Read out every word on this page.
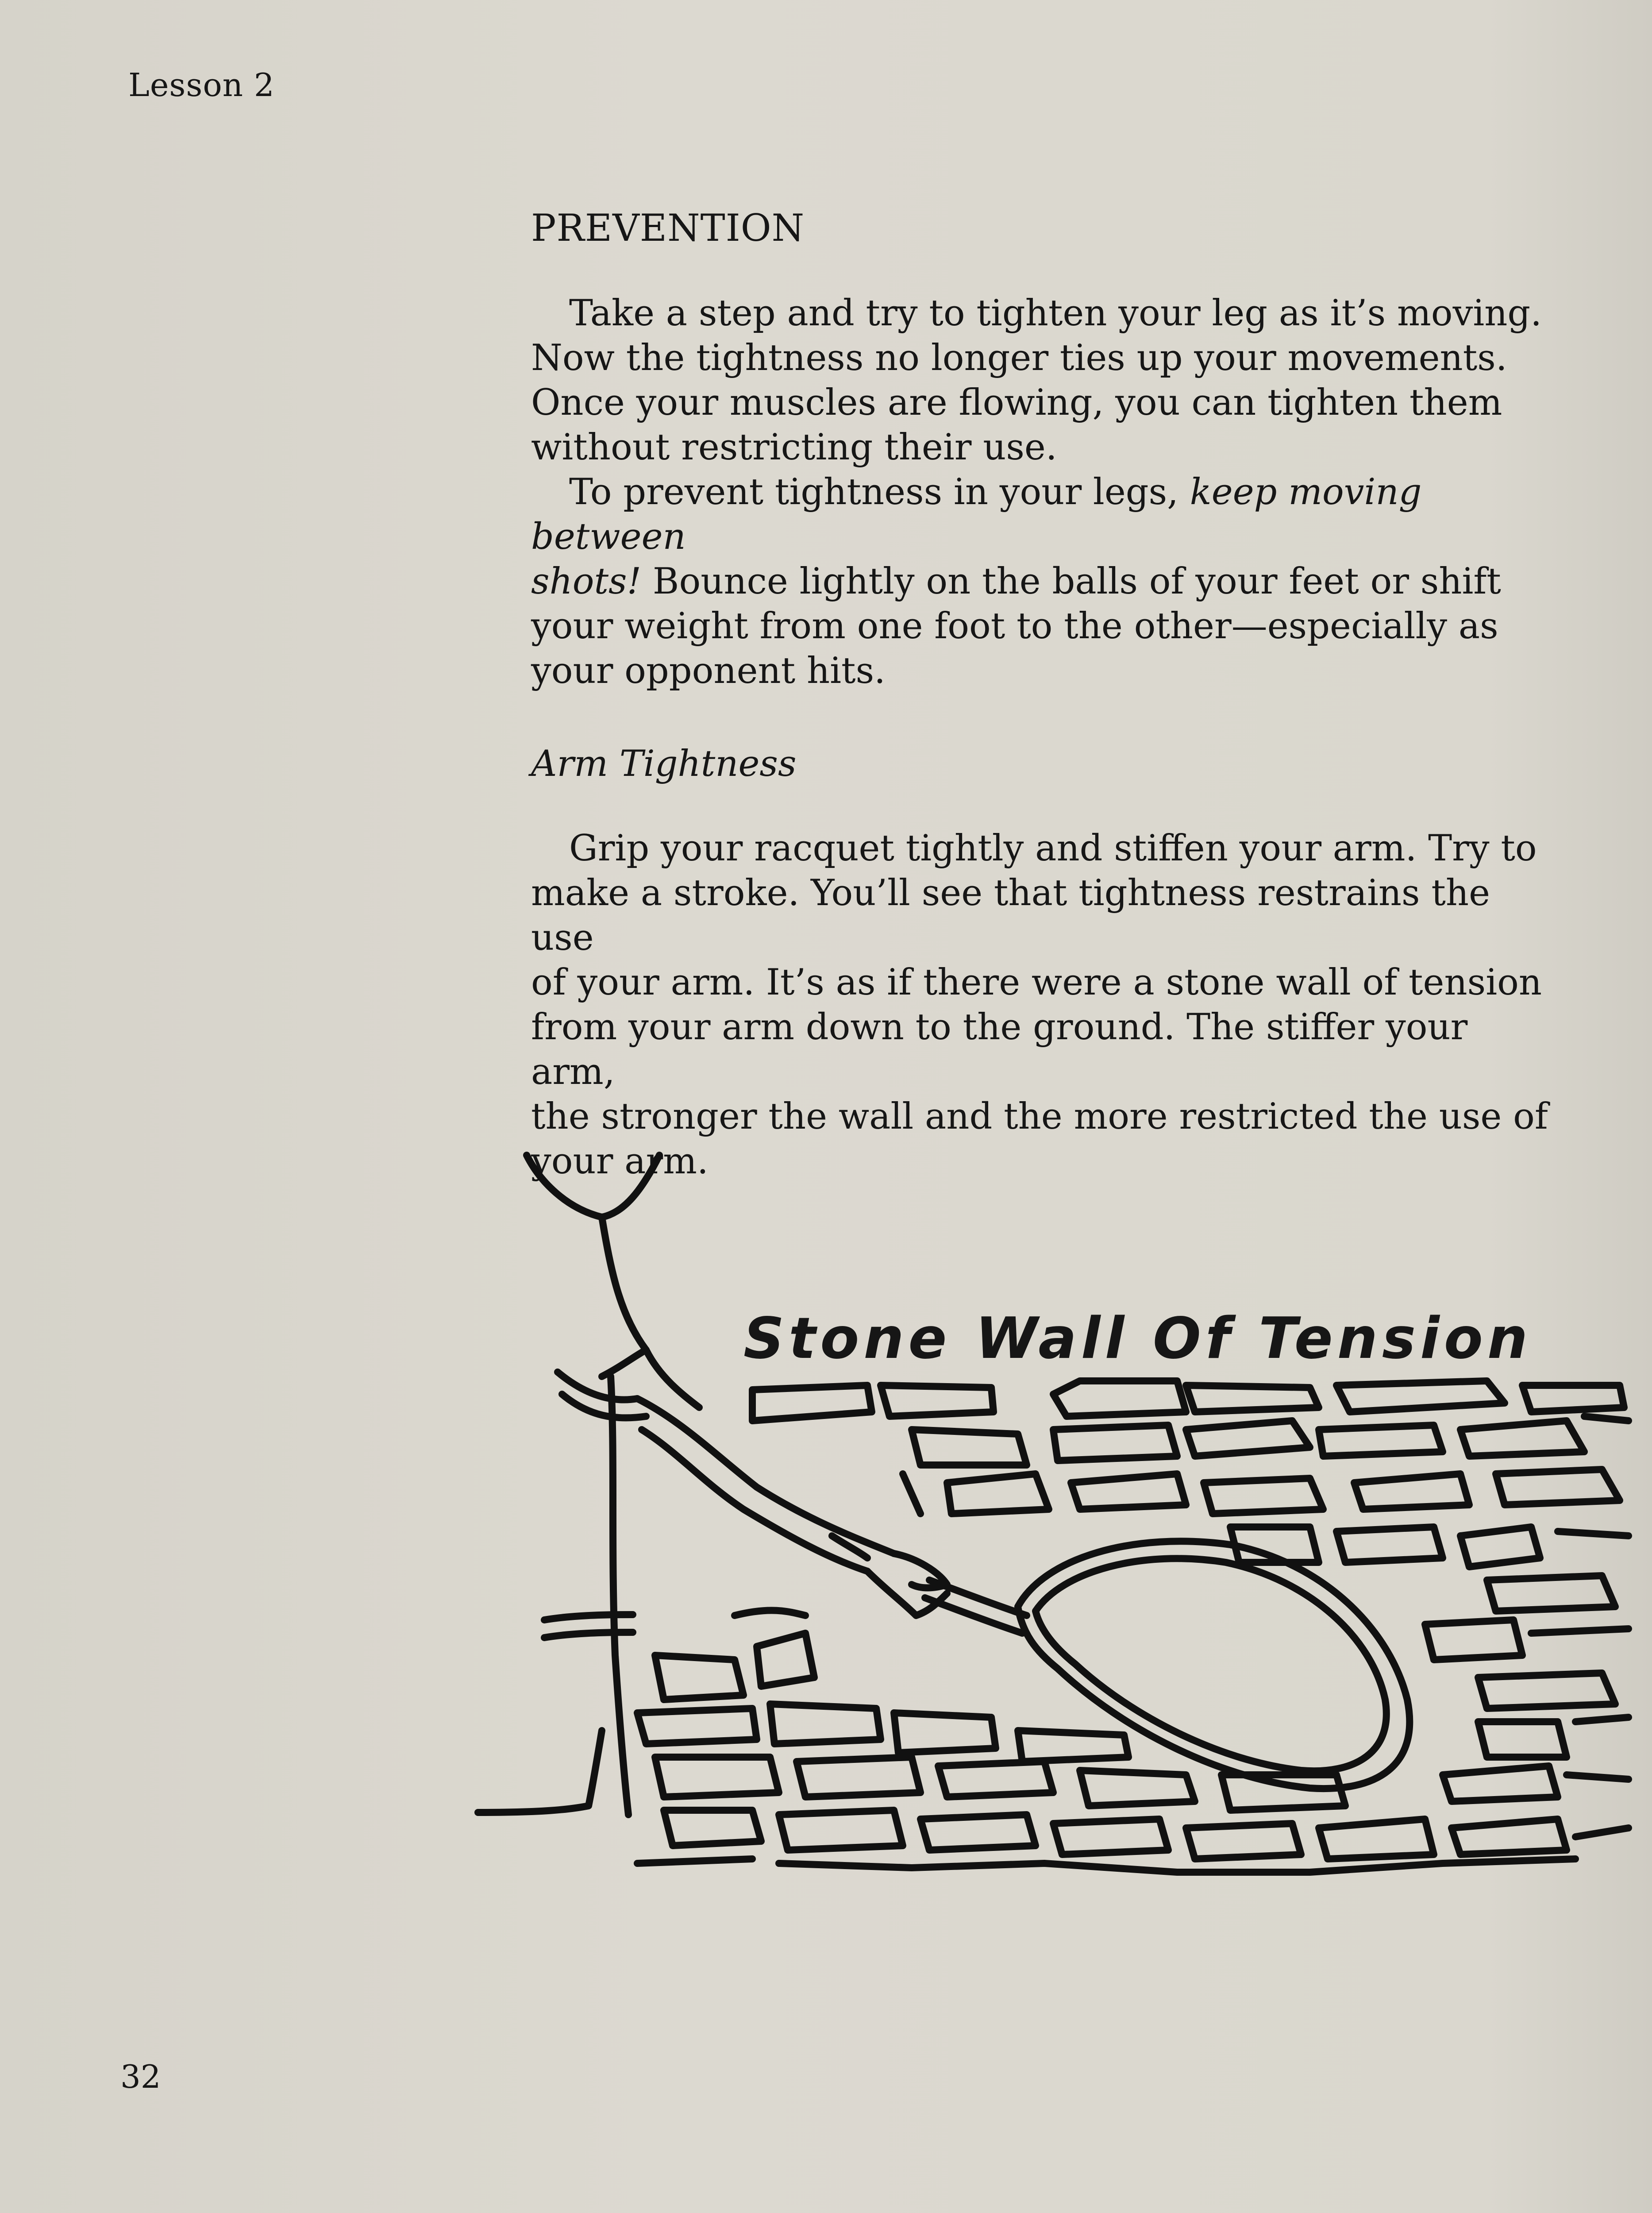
Lesson 2
PREVENTION

Take a step and try to tighten your leg as it’s moving.
Now the tightness no longer ties up your movements.
Once your muscles are flowing, you can tighten them
without restricting their use.

To prevent tightness in your legs, keep moving between
shots! Bounce lightly on the balls of your feet or shift
your weight from one foot to the other—especially as
your opponent hits.

Arm Tightness

Grip your racquet tightly and stiffen your arm. Try to
make a stroke. You’ll see that tightness restrains the use
of your arm. It’s as if there were a stone wall of tension
from your arm down to the ground. The stiffer your arm,
the stronger the wall and the more restricted the use of
your arm.

Stone Wall Of Tension
32
